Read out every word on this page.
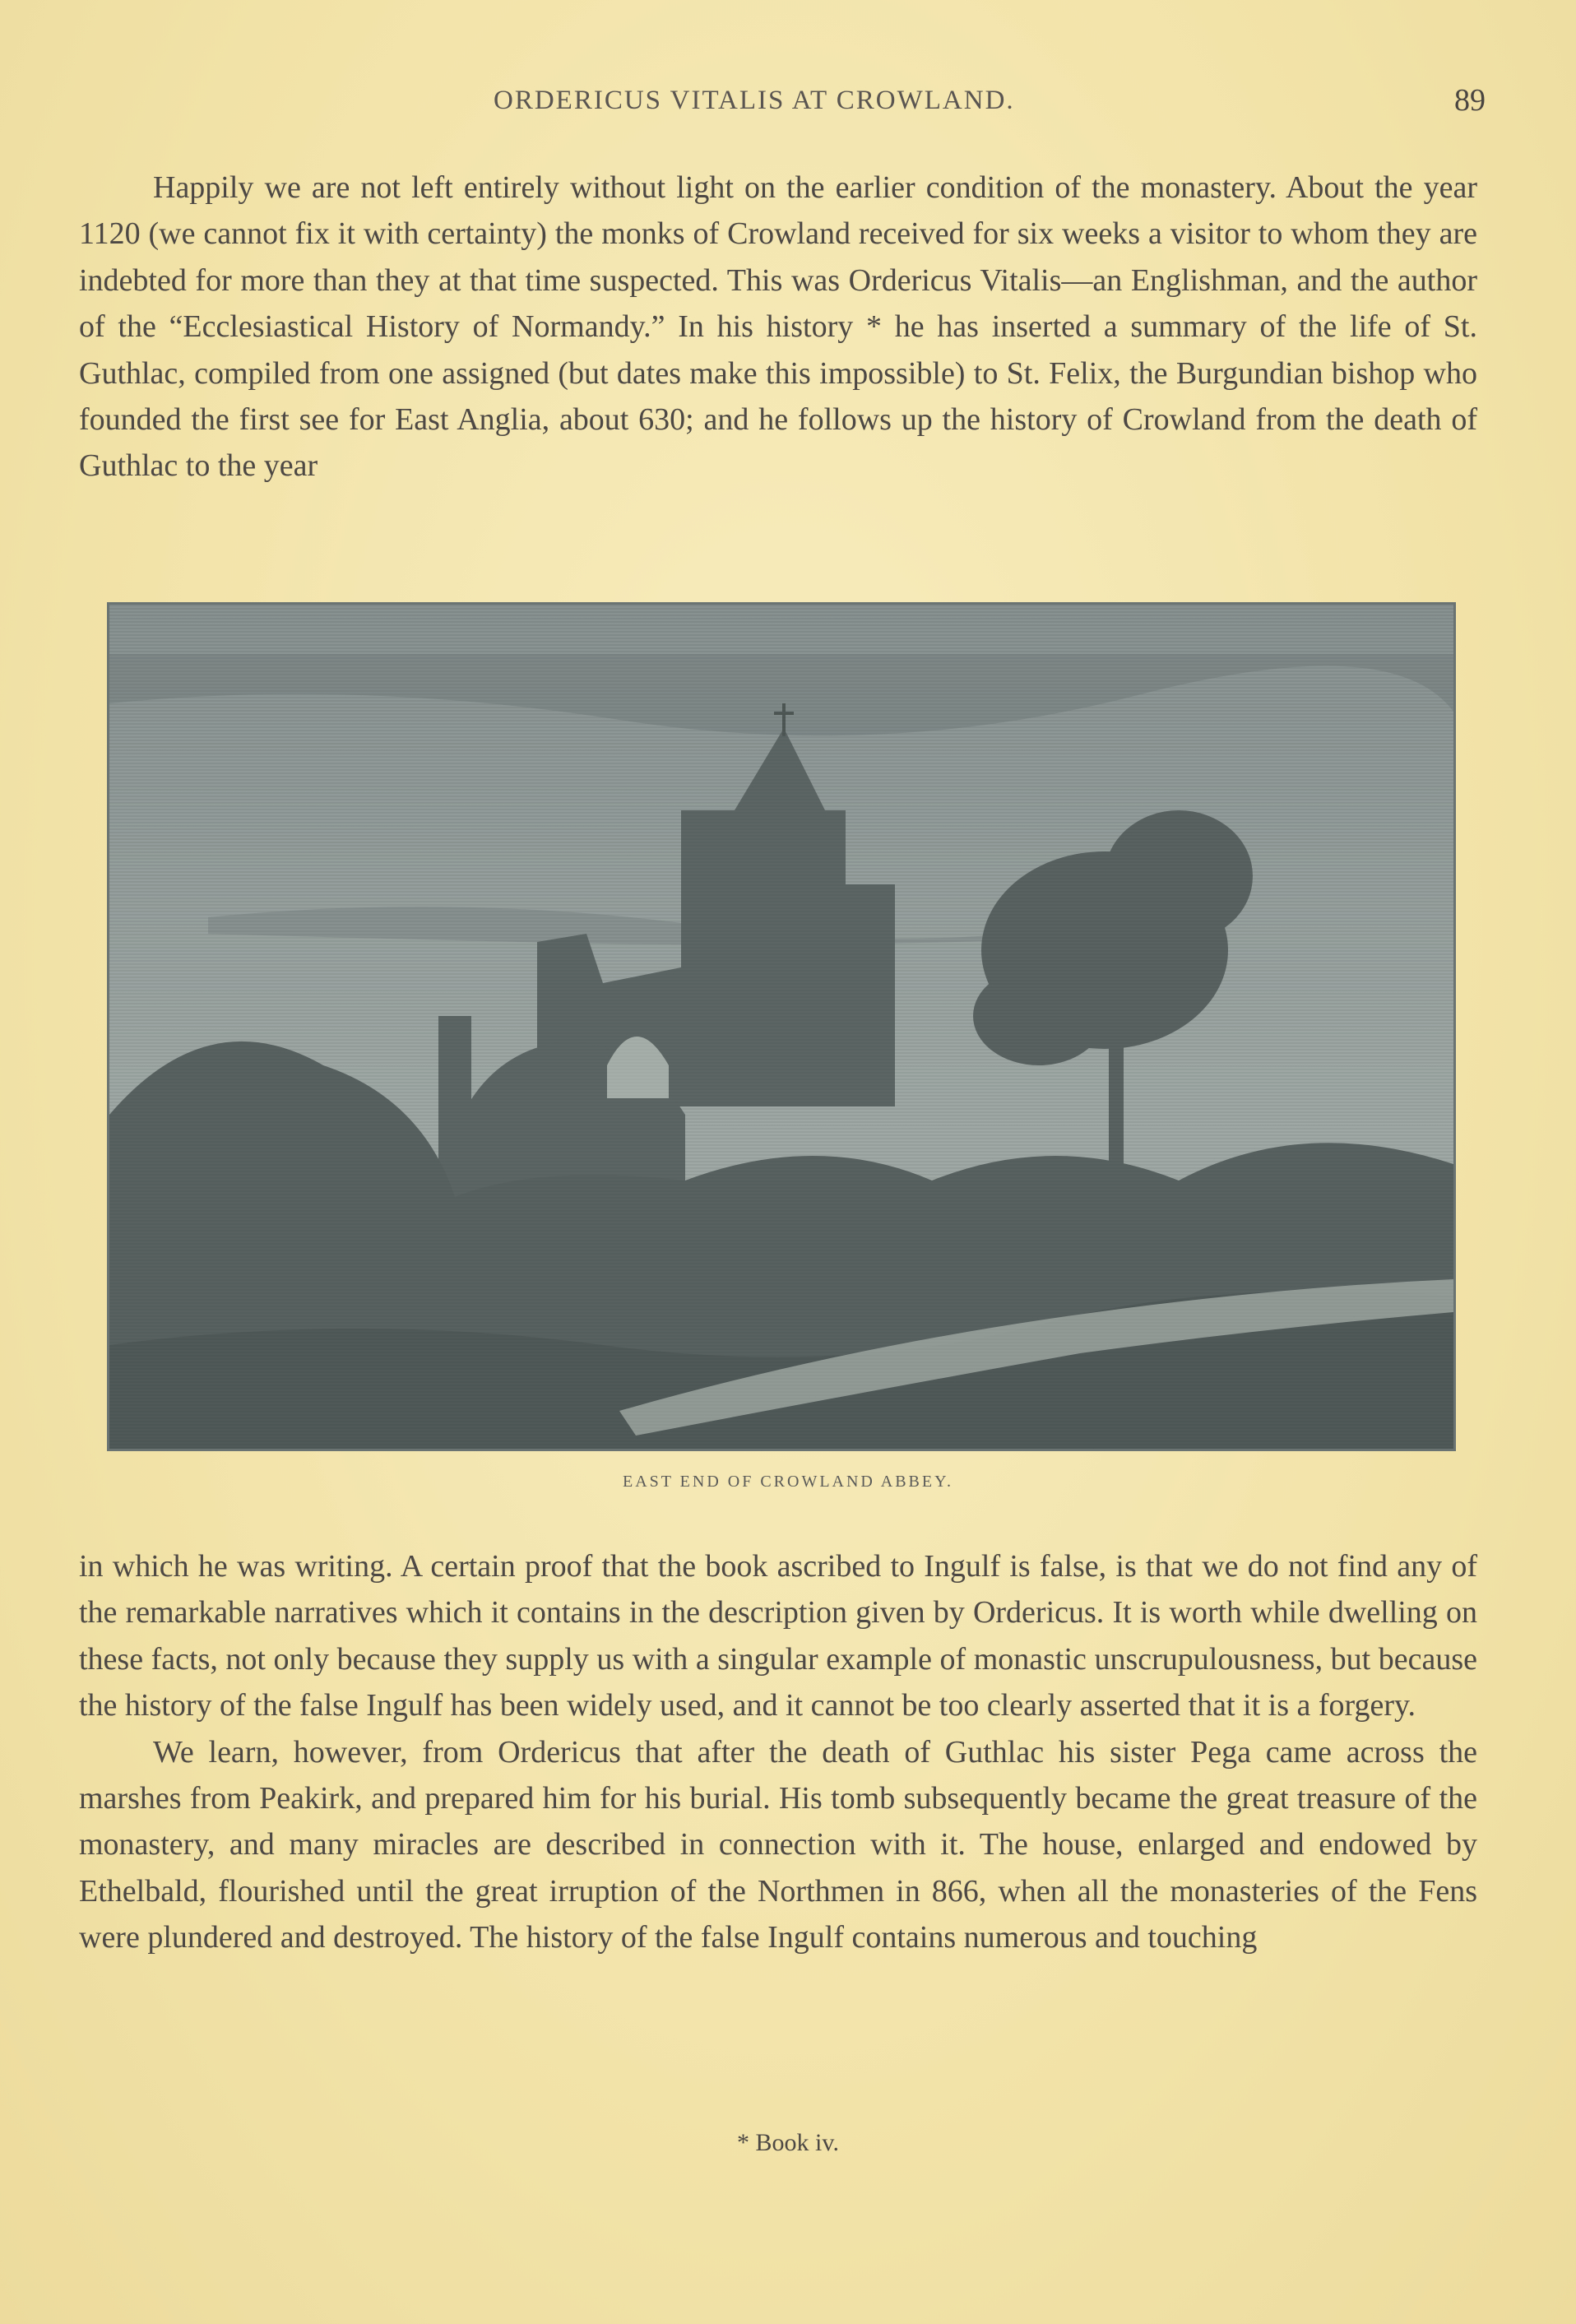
ORDERICUS VITALIS AT CROWLAND.	89

Happily we are not left entirely without light on the earlier condition of the monastery. About the year 1120 (we cannot fix it with certainty) the monks of Crowland received for six weeks a visitor to whom they are indebted for more than they at that time suspected. This was Ordericus Vitalis—an Englishman, and the author of the “Ecclesiastical History of Normandy.” In his history * he has inserted a summary of the life of St. Guthlac, compiled from one assigned (but dates make this impossible) to St. Felix, the Burgundian bishop who founded the first see for East Anglia, about 630; and he follows up the history of Crowland from the death of Guthlac to the year

EAST END OF CROWLAND ABBEY.

in which he was writing. A certain proof that the book ascribed to Ingulf is false, is that we do not find any of the remarkable narratives which it contains in the description given by Ordericus. It is worth while dwelling on these facts, not only because they supply us with a singular example of monastic unscrupulousness, but because the history of the false Ingulf has been widely used, and it cannot be too clearly asserted that it is a forgery.

We learn, however, from Ordericus that after the death of Guthlac his sister Pega came across the marshes from Peakirk, and prepared him for his burial. His tomb subsequently became the great treasure of the monastery, and many miracles are described in connection with it. The house, enlarged and endowed by Ethelbald, flourished until the great irruption of the Northmen in 866, when all the monasteries of the Fens were plundered and destroyed. The history of the false Ingulf contains numerous and touching

* Book iv.
